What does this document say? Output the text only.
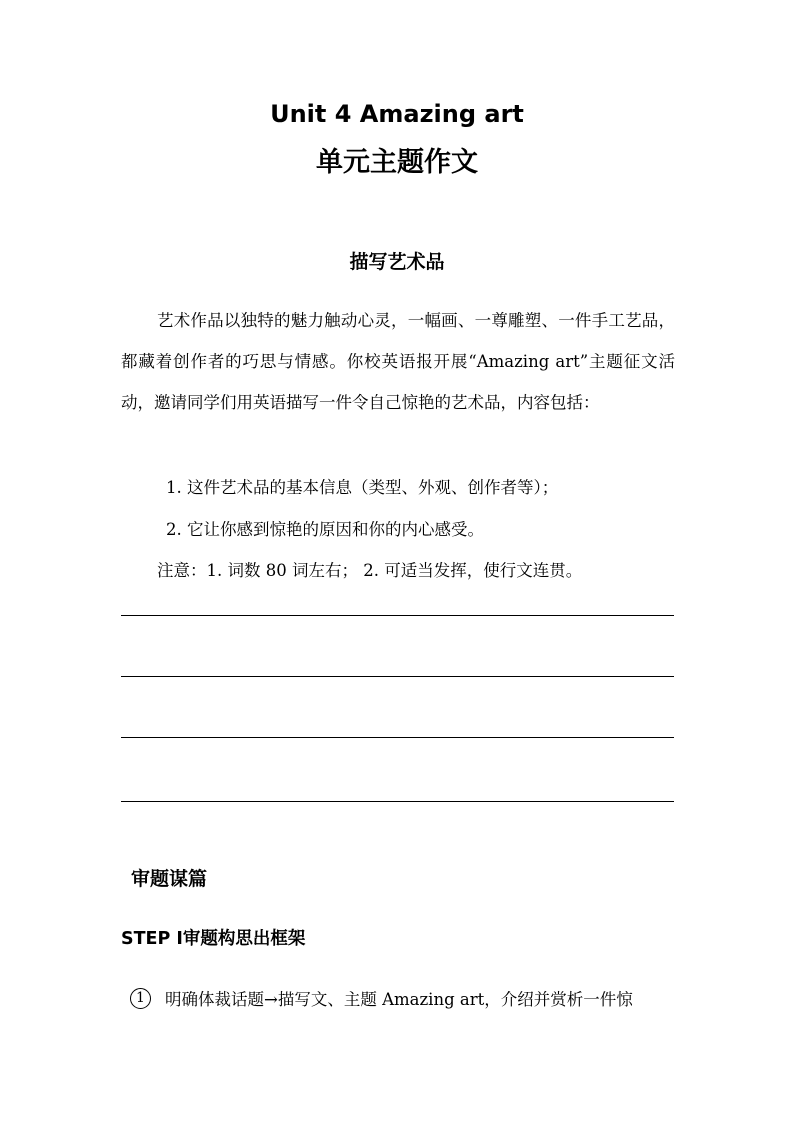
Unit 4 Amazing art
单元主题作文
描写艺术品
艺术作品以独特的魅力触动心灵，一幅画、一尊雕塑、一件手工艺品，都藏着创作者的巧思与情感。你校英语报开展“Amazing art”主题征文活动，邀请同学们用英语描写一件令自己惊艳的艺术品，内容包括：
1. 这件艺术品的基本信息（类型、外观、创作者等）；
2. 它让你感到惊艳的原因和你的内心感受。
注意：1. 词数 80 词左右； 2. 可适当发挥，使行文连贯。
审题谋篇
STEP Ⅰ审题构思出框架
1	明确体裁话题→描写文、主题 Amazing art，介绍并赏析一件惊
